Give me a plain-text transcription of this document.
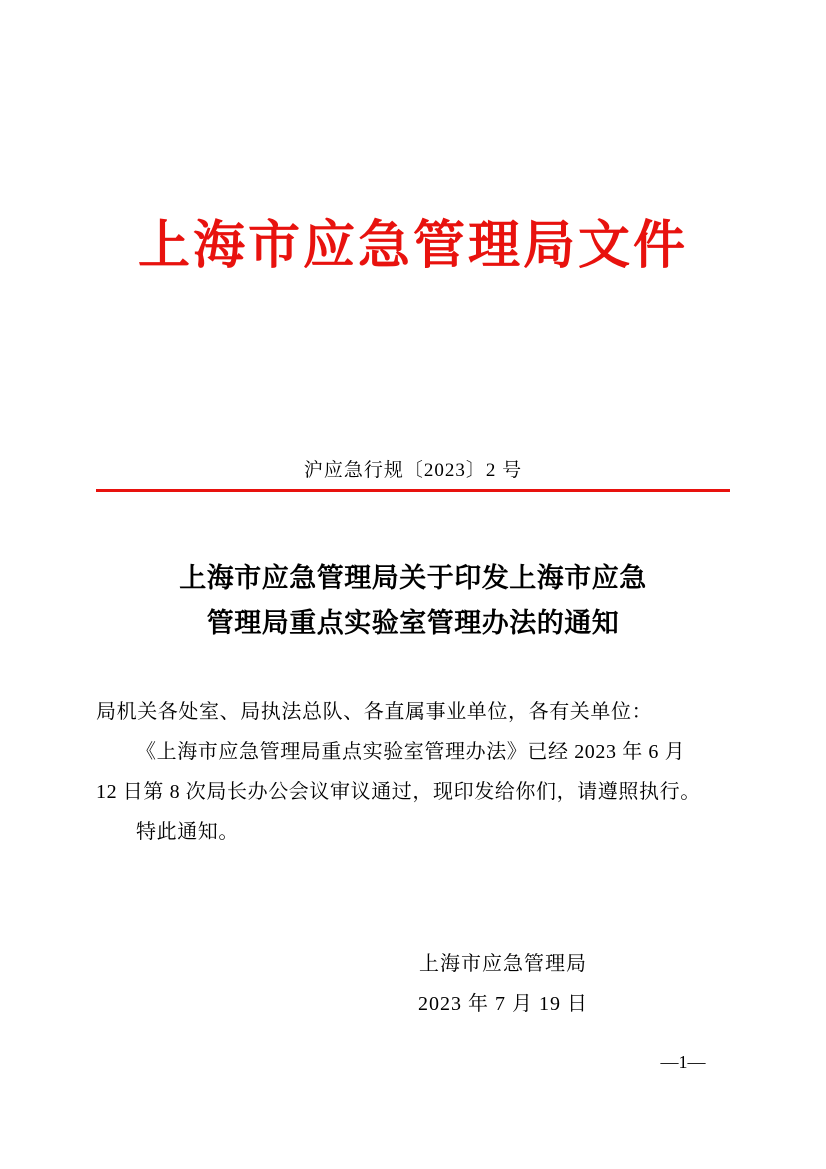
上海市应急管理局文件
沪应急行规〔2023〕2 号
上海市应急管理局关于印发上海市应急
管理局重点实验室管理办法的通知
局机关各处室、局执法总队、各直属事业单位，各有关单位：
《上海市应急管理局重点实验室管理办法》已经 2023 年 6 月
12 日第 8 次局长办公会议审议通过，现印发给你们，请遵照执行。
特此通知。
上海市应急管理局
2023 年 7 月 19 日
—1—
